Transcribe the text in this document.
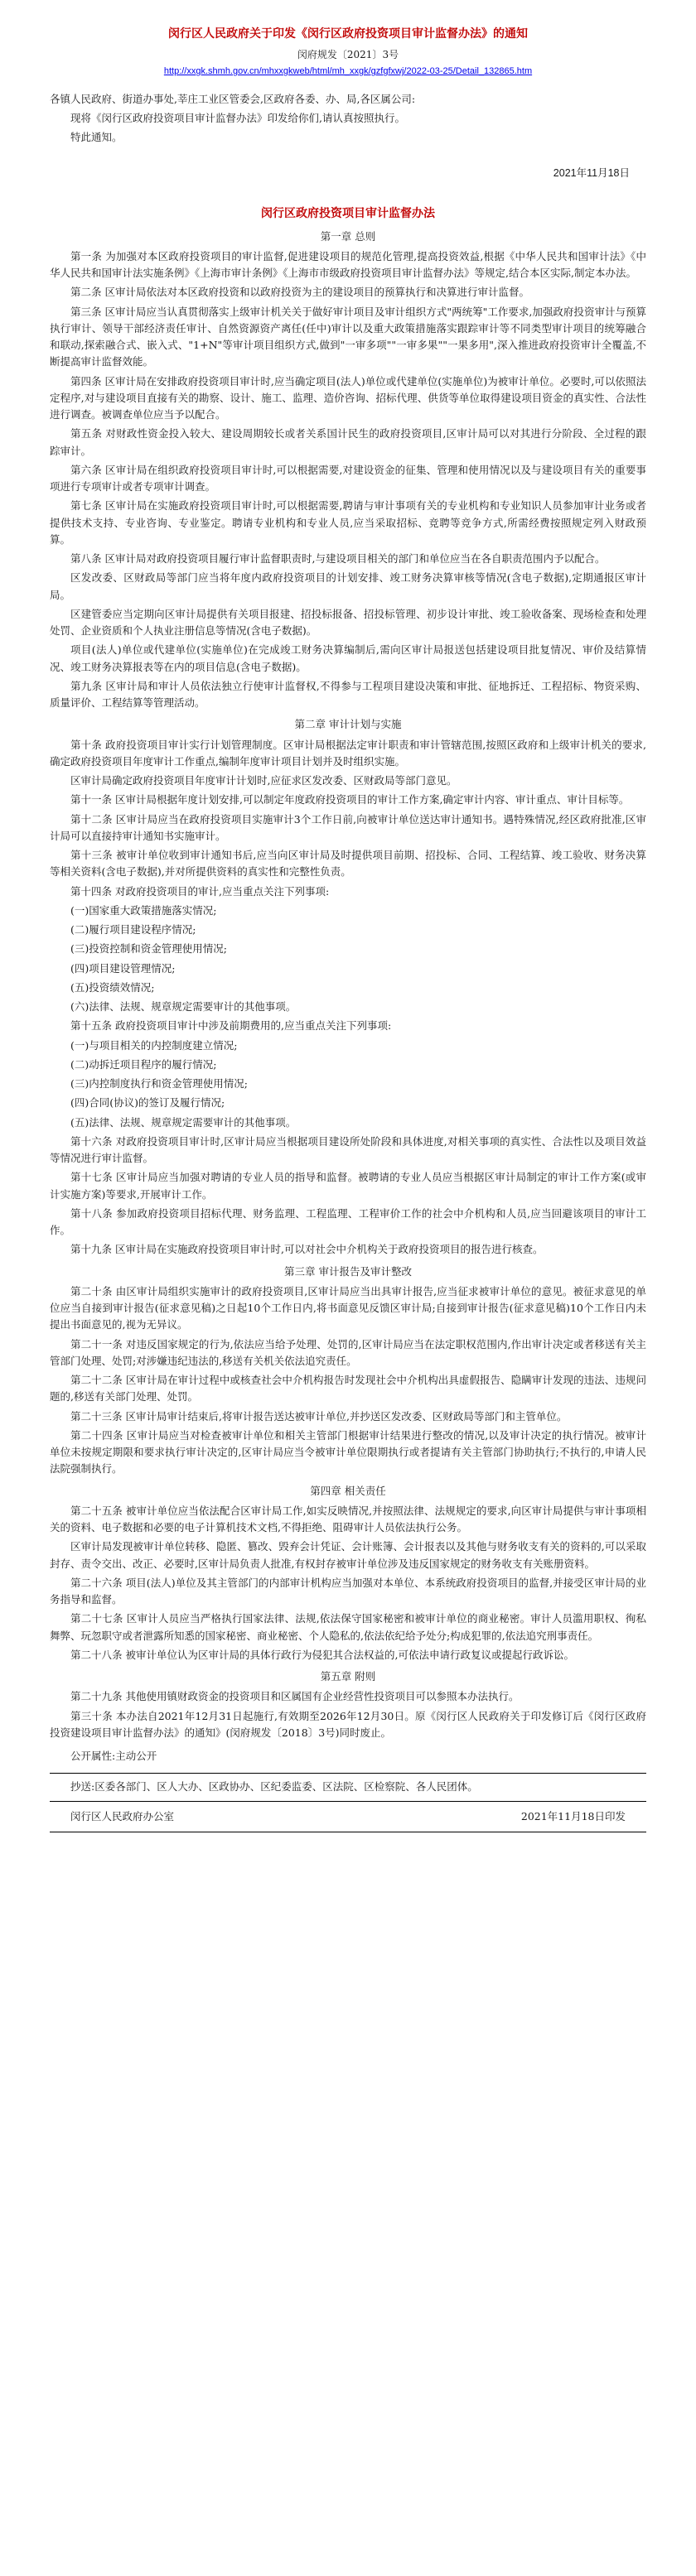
闵行区人民政府关于印发《闵行区政府投资项目审计监督办法》的通知
闵府规发〔2021〕3号
http://xxgk.shmh.gov.cn/mhxxgkweb/html/mh_xxgk/gzfgfxwj/2022-03-25/Detail_132865.htm
各镇人民政府、街道办事处,莘庄工业区管委会,区政府各委、办、局,各区属公司:
现将《闵行区政府投资项目审计监督办法》印发给你们,请认真按照执行。
特此通知。
2021年11月18日
闵行区政府投资项目审计监督办法
第一章 总则
第一条 为加强对本区政府投资项目的审计监督,促进建设项目的规范化管理,提高投资效益,根据《中华人民共和国审计法》《中华人民共和国审计法实施条例》《上海市审计条例》《上海市市级政府投资项目审计监督办法》等规定,结合本区实际,制定本办法。
第二条 区审计局依法对本区政府投资和以政府投资为主的建设项目的预算执行和决算进行审计监督。
第三条 区审计局应当认真贯彻落实上级审计机关关于做好审计项目及审计组织方式"两统筹"工作要求,加强政府投资审计与预算执行审计、领导干部经济责任审计、自然资源资产离任(任中)审计以及重大政策措施落实跟踪审计等不同类型审计项目的统筹融合和联动,探索融合式、嵌入式、"1+N"等审计项目组织方式,做到"一审多项""一审多果""一果多用",深入推进政府投资审计全覆盖,不断提高审计监督效能。
第四条 区审计局在安排政府投资项目审计时,应当确定项目(法人)单位或代建单位(实施单位)为被审计单位。必要时,可以依照法定程序,对与建设项目直接有关的勘察、设计、施工、监理、造价咨询、招标代理、供货等单位取得建设项目资金的真实性、合法性进行调查。被调查单位应当予以配合。
第五条 对财政性资金投入较大、建设周期较长或者关系国计民生的政府投资项目,区审计局可以对其进行分阶段、全过程的跟踪审计。
第六条 区审计局在组织政府投资项目审计时,可以根据需要,对建设资金的征集、管理和使用情况以及与建设项目有关的重要事项进行专项审计或者专项审计调查。
第七条 区审计局在实施政府投资项目审计时,可以根据需要,聘请与审计事项有关的专业机构和专业知识人员参加审计业务或者提供技术支持、专业咨询、专业鉴定。聘请专业机构和专业人员,应当采取招标、竞聘等竞争方式,所需经费按照规定列入财政预算。
第八条 区审计局对政府投资项目履行审计监督职责时,与建设项目相关的部门和单位应当在各自职责范围内予以配合。
区发改委、区财政局等部门应当将年度内政府投资项目的计划安排、竣工财务决算审核等情况(含电子数据),定期通报区审计局。
区建管委应当定期向区审计局提供有关项目报建、招投标报备、招投标管理、初步设计审批、竣工验收备案、现场检查和处理处罚、企业资质和个人执业注册信息等情况(含电子数据)。
项目(法人)单位或代建单位(实施单位)在完成竣工财务决算编制后,需向区审计局报送包括建设项目批复情况、审价及结算情况、竣工财务决算报表等在内的项目信息(含电子数据)。
第九条 区审计局和审计人员依法独立行使审计监督权,不得参与工程项目建设决策和审批、征地拆迁、工程招标、物资采购、质量评价、工程结算等管理活动。
第二章 审计计划与实施
第十条 政府投资项目审计实行计划管理制度。区审计局根据法定审计职责和审计管辖范围,按照区政府和上级审计机关的要求,确定政府投资项目年度审计工作重点,编制年度审计项目计划并及时组织实施。
区审计局确定政府投资项目年度审计计划时,应征求区发改委、区财政局等部门意见。
第十一条 区审计局根据年度计划安排,可以制定年度政府投资项目的审计工作方案,确定审计内容、审计重点、审计目标等。
第十二条 区审计局应当在政府投资项目实施审计3个工作日前,向被审计单位送达审计通知书。遇特殊情况,经区政府批准,区审计局可以直接持审计通知书实施审计。
第十三条 被审计单位收到审计通知书后,应当向区审计局及时提供项目前期、招投标、合同、工程结算、竣工验收、财务决算等相关资料(含电子数据),并对所提供资料的真实性和完整性负责。
第十四条 对政府投资项目的审计,应当重点关注下列事项:
(一)国家重大政策措施落实情况;
(二)履行项目建设程序情况;
(三)投资控制和资金管理使用情况;
(四)项目建设管理情况;
(五)投资绩效情况;
(六)法律、法规、规章规定需要审计的其他事项。
第十五条 政府投资项目审计中涉及前期费用的,应当重点关注下列事项:
(一)与项目相关的内控制度建立情况;
(二)动拆迁项目程序的履行情况;
(三)内控制度执行和资金管理使用情况;
(四)合同(协议)的签订及履行情况;
(五)法律、法规、规章规定需要审计的其他事项。
第十六条 对政府投资项目审计时,区审计局应当根据项目建设所处阶段和具体进度,对相关事项的真实性、合法性以及项目效益等情况进行审计监督。
第十七条 区审计局应当加强对聘请的专业人员的指导和监督。被聘请的专业人员应当根据区审计局制定的审计工作方案(或审计实施方案)等要求,开展审计工作。
第十八条 参加政府投资项目招标代理、财务监理、工程监理、工程审价工作的社会中介机构和人员,应当回避该项目的审计工作。
第十九条 区审计局在实施政府投资项目审计时,可以对社会中介机构关于政府投资项目的报告进行核查。
第三章 审计报告及审计整改
第二十条 由区审计局组织实施审计的政府投资项目,区审计局应当出具审计报告,应当征求被审计单位的意见。被征求意见的单位应当自接到审计报告(征求意见稿)之日起10个工作日内,将书面意见反馈区审计局;自接到审计报告(征求意见稿)10个工作日内未提出书面意见的,视为无异议。
第二十一条 对违反国家规定的行为,依法应当给予处理、处罚的,区审计局应当在法定职权范围内,作出审计决定或者移送有关主管部门处理、处罚;对涉嫌违纪违法的,移送有关机关依法追究责任。
第二十二条 区审计局在审计过程中或核查社会中介机构报告时发现社会中介机构出具虚假报告、隐瞒审计发现的违法、违规问题的,移送有关部门处理、处罚。
第二十三条 区审计局审计结束后,将审计报告送达被审计单位,并抄送区发改委、区财政局等部门和主管单位。
第二十四条 区审计局应当对检查被审计单位和相关主管部门根据审计结果进行整改的情况,以及审计决定的执行情况。被审计单位未按规定期限和要求执行审计决定的,区审计局应当令被审计单位限期执行或者提请有关主管部门协助执行;不执行的,申请人民法院强制执行。
第四章 相关责任
第二十五条 被审计单位应当依法配合区审计局工作,如实反映情况,并按照法律、法规规定的要求,向区审计局提供与审计事项相关的资料、电子数据和必要的电子计算机技术文档,不得拒绝、阻碍审计人员依法执行公务。
区审计局发现被审计单位转移、隐匿、篡改、毁弃会计凭证、会计账簿、会计报表以及其他与财务收支有关的资料的,可以采取封存、责令交出、改正、必要时,区审计局负责人批准,有权封存被审计单位涉及违反国家规定的财务收支有关账册资料。
第二十六条 项目(法人)单位及其主管部门的内部审计机构应当加强对本单位、本系统政府投资项目的监督,并接受区审计局的业务指导和监督。
第二十七条 区审计人员应当严格执行国家法律、法规,依法保守国家秘密和被审计单位的商业秘密。审计人员滥用职权、徇私舞弊、玩忽职守或者泄露所知悉的国家秘密、商业秘密、个人隐私的,依法依纪给予处分;构成犯罪的,依法追究刑事责任。
第二十八条 被审计单位认为区审计局的具体行政行为侵犯其合法权益的,可依法申请行政复议或提起行政诉讼。
第五章 附则
第二十九条 其他使用镇财政资金的投资项目和区属国有企业经营性投资项目可以参照本办法执行。
第三十条 本办法自2021年12月31日起施行,有效期至2026年12月30日。原《闵行区人民政府关于印发修订后《闵行区政府投资建设项目审计监督办法》的通知》(闵府规发〔2018〕3号)同时废止。
公开属性:主动公开
抄送:区委各部门、区人大办、区政协办、区纪委监委、区法院、区检察院、各人民团体。
闵行区人民政府办公室	2021年11月18日印发
